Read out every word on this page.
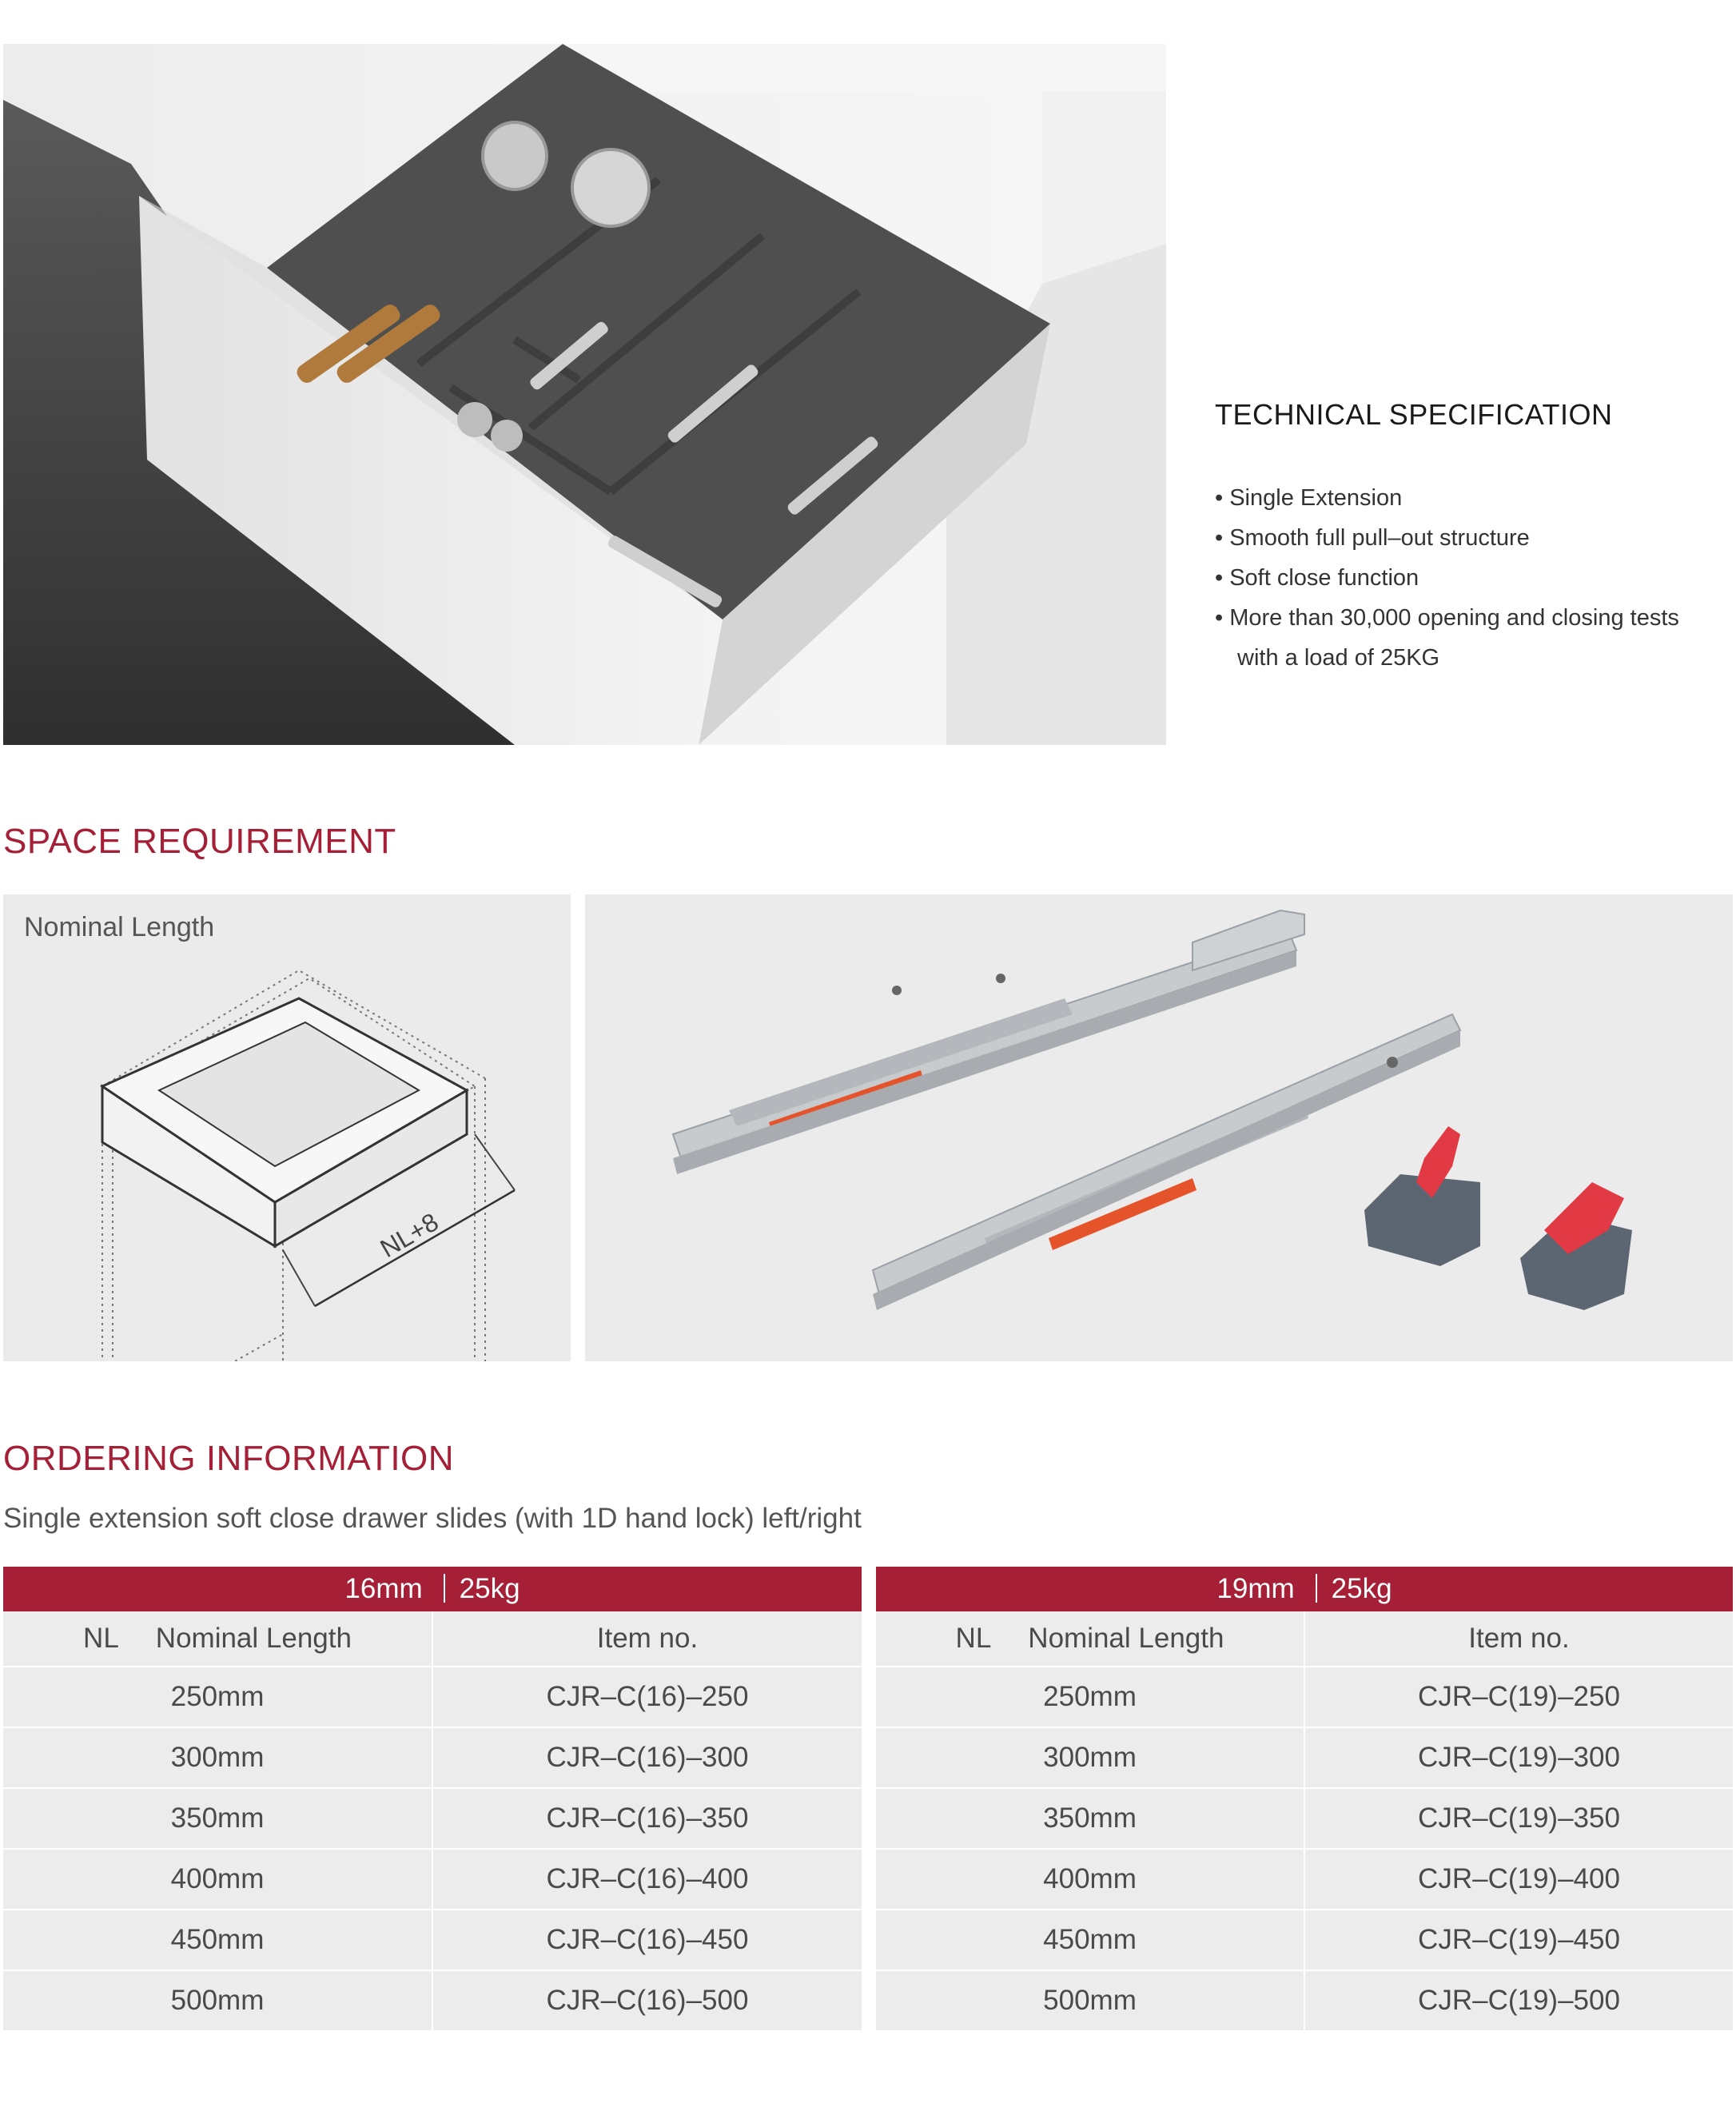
TECHNICAL SPECIFICATION
• Single Extension
• Smooth full pull–out structure
• Soft close function
• More than 30,000 opening and closing tests
with a load of 25KG
SPACE REQUIREMENT
Nominal Length
NL+8
ORDERING INFORMATION
Single extension soft close drawer slides (with 1D hand lock) left/right
16mm 25kg	
NL Nominal Length	Item no.
250mm	CJR–C(16)–250
300mm	CJR–C(16)–300
350mm	CJR–C(16)–350
400mm	CJR–C(16)–400
450mm	CJR–C(16)–450
500mm	CJR–C(16)–500
19mm 25kg	
NL Nominal Length	Item no.
250mm	CJR–C(19)–250
300mm	CJR–C(19)–300
350mm	CJR–C(19)–350
400mm	CJR–C(19)–400
450mm	CJR–C(19)–450
500mm	CJR–C(19)–500
